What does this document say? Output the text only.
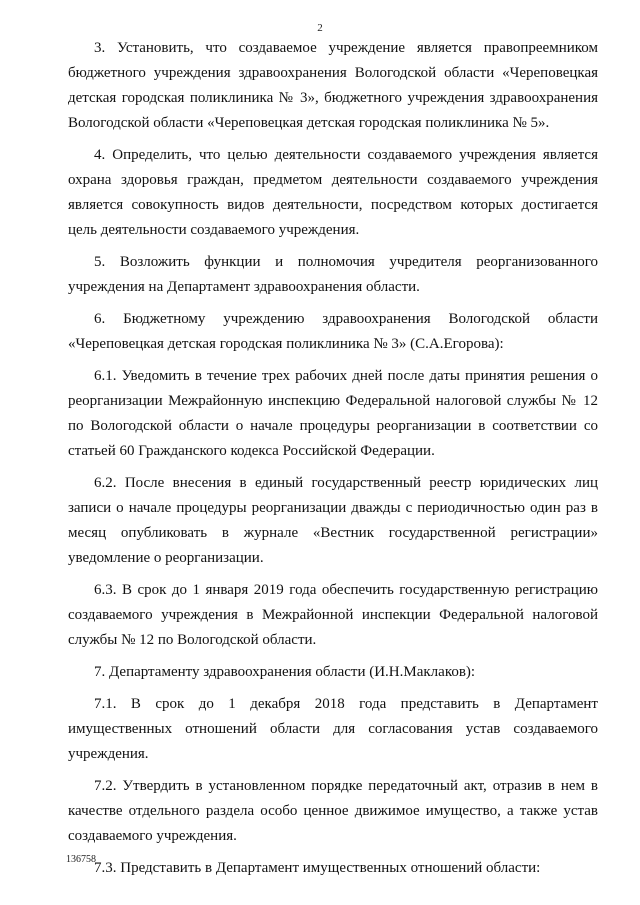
2

3. Установить, что создаваемое учреждение является правопреемником бюджетного учреждения здравоохранения Вологодской области «Череповецкая детская городская поликлиника № 3», бюджетного учреждения здравоохранения Вологодской области «Череповецкая детская городская поликлиника № 5».

4. Определить, что целью деятельности создаваемого учреждения является охрана здоровья граждан, предметом деятельности создаваемого учреждения является совокупность видов деятельности, посредством которых достигается цель деятельности создаваемого учреждения.

5. Возложить функции и полномочия учредителя реорганизованного учреждения на Департамент здравоохранения области.

6. Бюджетному учреждению здравоохранения Вологодской области «Череповецкая детская городская поликлиника № 3» (С.А.Егорова):

6.1. Уведомить в течение трех рабочих дней после даты принятия решения о реорганизации Межрайонную инспекцию Федеральной налоговой службы № 12 по Вологодской области о начале процедуры реорганизации в соответствии со статьей 60 Гражданского кодекса Российской Федерации.

6.2. После внесения в единый государственный реестр юридических лиц записи о начале процедуры реорганизации дважды с периодичностью один раз в месяц опубликовать в журнале «Вестник государственной регистрации» уведомление о реорганизации.

6.3. В срок до 1 января 2019 года обеспечить государственную регистрацию создаваемого учреждения в Межрайонной инспекции Федеральной налоговой службы № 12 по Вологодской области.

7. Департаменту здравоохранения области (И.Н.Маклаков):

7.1. В срок до 1 декабря 2018 года представить в Департамент имущественных отношений области для согласования устав создаваемого учреждения.

7.2. Утвердить в установленном порядке передаточный акт, отразив в нем в качестве отдельного раздела особо ценное движимое имущество, а также устав создаваемого учреждения.

7.3. Представить в Департамент имущественных отношений области:

136758
